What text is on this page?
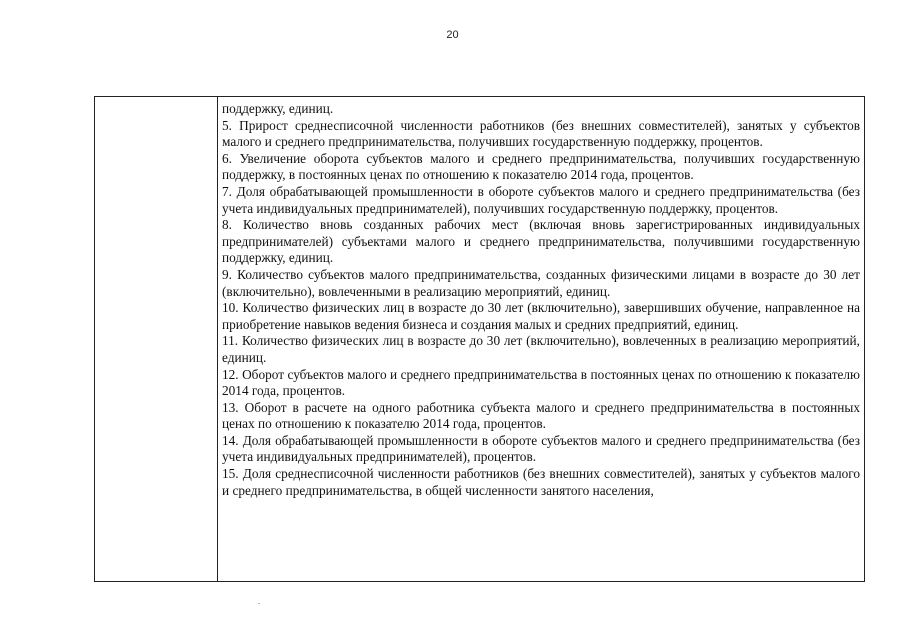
20

поддержку, единиц.

5. Прирост среднесписочной численности работников (без внешних совместителей), занятых у субъектов малого и среднего предпринимательства, получивших государственную поддержку, процентов.

6. Увеличение оборота субъектов малого и среднего предпринимательства, получивших государственную поддержку, в постоянных ценах по отношению к показателю 2014 года, процентов.

7. Доля обрабатывающей промышленности в обороте субъектов малого и среднего предпринимательства (без учета индивидуальных предпринимателей), получивших государственную поддержку, процентов.

8. Количество вновь созданных рабочих мест (включая вновь зарегистрированных индивидуальных предпринимателей) субъектами малого и среднего предпринимательства, получившими государственную поддержку, единиц.

9. Количество субъектов малого предпринимательства, созданных физическими лицами в возрасте до 30 лет (включительно), вовлеченными в реализацию мероприятий, единиц.

10. Количество физических лиц в возрасте до 30 лет (включительно), завершивших обучение, направленное на приобретение навыков ведения бизнеса и создания малых и средних предприятий, единиц.

11. Количество физических лиц в возрасте до 30 лет (включительно), вовлеченных в реализацию мероприятий, единиц.

12. Оборот субъектов малого и среднего предпринимательства в постоянных ценах по отношению к показателю 2014 года, процентов.

13. Оборот в расчете на одного работника субъекта малого и среднего предпринимательства в постоянных ценах по отношению к показателю 2014 года, процентов.

14. Доля обрабатывающей промышленности в обороте субъектов малого и среднего предпринимательства (без учета индивидуальных предпринимателей), процентов.

15. Доля среднесписочной численности работников (без внешних совместителей), занятых у субъектов малого и среднего предпринимательства, в общей численности занятого населения,
